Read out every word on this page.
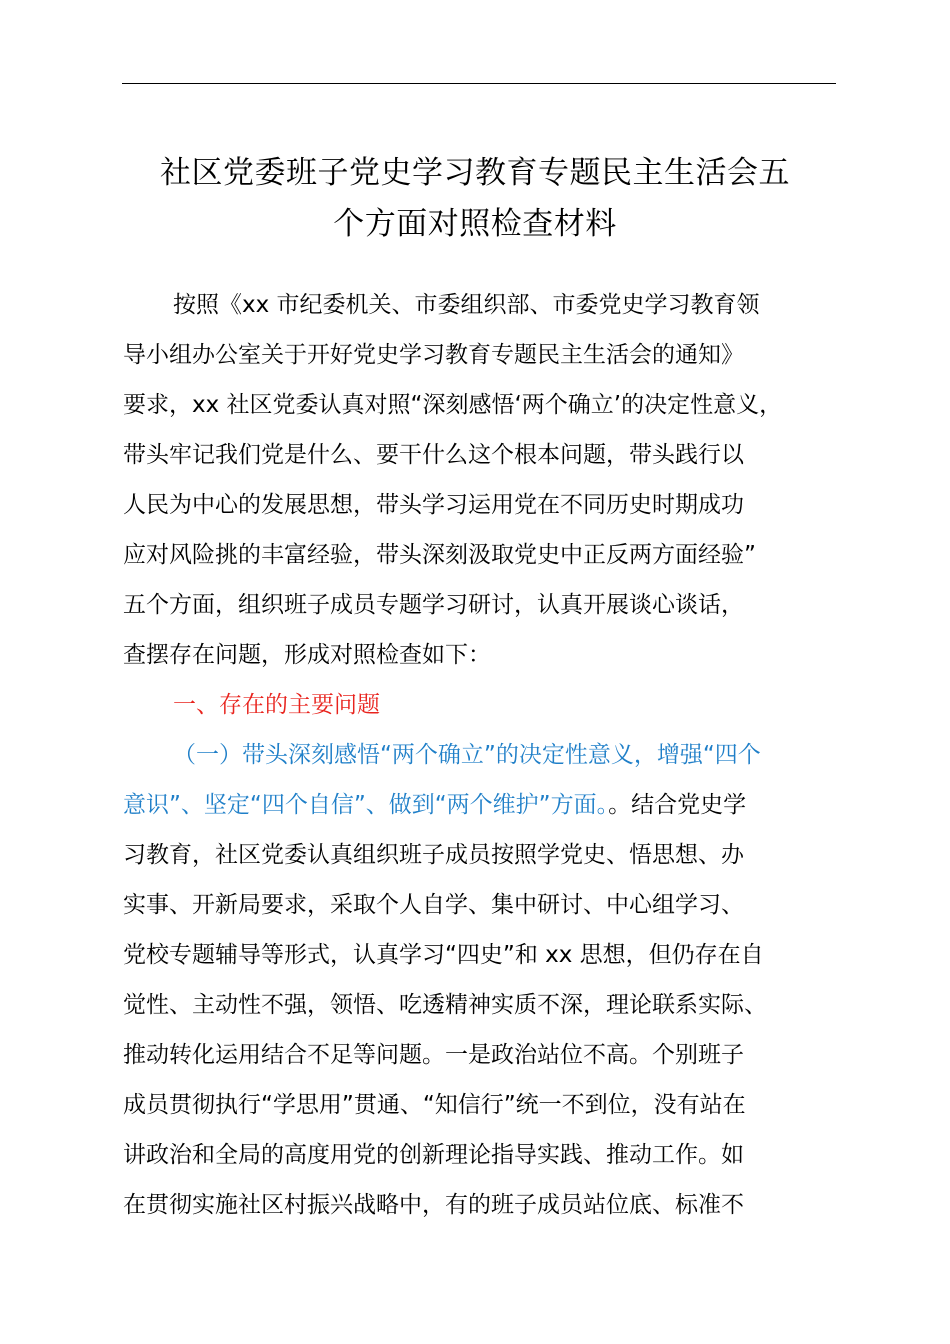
社区党委班子党史学习教育专题民主生活会五
个方面对照检查材料
按照《xx 市纪委机关、市委组织部、市委党史学习教育领
导小组办公室关于开好党史学习教育专题民主生活会的通知》
要求，xx 社区党委认真对照“深刻感悟‘两个确立’的决定性意义，
带头牢记我们党是什么、要干什么这个根本问题，带头践行以
人民为中心的发展思想，带头学习运用党在不同历史时期成功
应对风险挑的丰富经验，带头深刻汲取党史中正反两方面经验”
五个方面，组织班子成员专题学习研讨，认真开展谈心谈话，
查摆存在问题，形成对照检查如下：
一、存在的主要问题
（一）带头深刻感悟“两个确立”的决定性意义，增强“四个
意识”、坚定“四个自信”、做到“两个维护”方面。。结合党史学
习教育，社区党委认真组织班子成员按照学党史、悟思想、办
实事、开新局要求，采取个人自学、集中研讨、中心组学习、
党校专题辅导等形式，认真学习“四史”和 xx 思想，但仍存在自
觉性、主动性不强，领悟、吃透精神实质不深，理论联系实际、
推动转化运用结合不足等问题。一是政治站位不高。个别班子
成员贯彻执行“学思用”贯通、“知信行”统一不到位，没有站在
讲政治和全局的高度用党的创新理论指导实践、推动工作。如
在贯彻实施社区村振兴战略中，有的班子成员站位底、标准不
